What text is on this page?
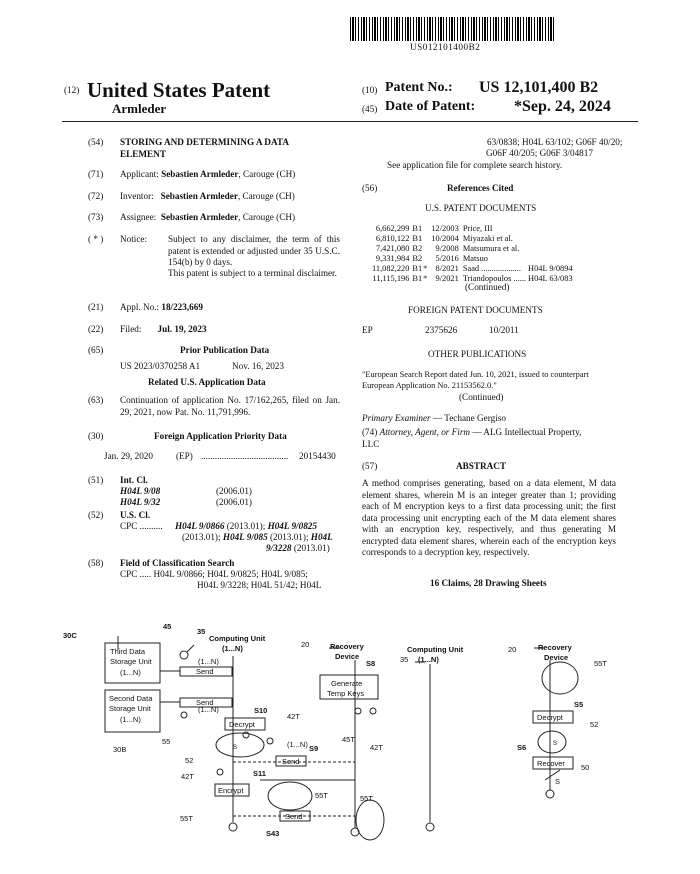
US012101400B2
(12) United States Patent
Armleder
(10) Patent No.: US 12,101,400 B2
(45) Date of Patent: *Sep. 24, 2024
(54) STORING AND DETERMINING A DATA ELEMENT
(71) Applicant: Sebastien Armleder, Carouge (CH)
(72) Inventor: Sebastien Armleder, Carouge (CH)
(73) Assignee: Sebastien Armleder, Carouge (CH)
( * ) Notice: Subject to any disclaimer, the term of this patent is extended or adjusted under 35 U.S.C. 154(b) by 0 days.
This patent is subject to a terminal disclaimer.
(21) Appl. No.: 18/223,669
(22) Filed: Jul. 19, 2023
(65)	Prior Publication Data
US 2023/0370258 A1	Nov. 16, 2023
Related U.S. Application Data
(63) Continuation of application No. 17/162,265, filed on Jan. 29, 2021, now Pat. No. 11,791,996.
(30)	Foreign Application Priority Data
Jan. 29, 2020	(EP) ...................................... 20154430
(51) Int. Cl.
H04L 9/08	(2006.01)
H04L 9/32	(2006.01)
(52) U.S. Cl.
CPC .......... H04L 9/0866 (2013.01); H04L 9/0825
(2013.01); H04L 9/085 (2013.01); H04L
9/3228 (2013.01)
(58) Field of Classification Search
CPC ..... H04L 9/0866; H04L 9/0825; H04L 9/085;
H04L 9/3228; H04L 51/42; H04L
63/0838; H04L 63/102; G06F 40/20;
G06F 40/205; G06F 3/04817
See application file for complete search history.
(56)	References Cited
U.S. PATENT DOCUMENTS
6,662,299	B1		12/2003	Price, III	
6,810,122	B1		10/2004	Miyazaki et al.	
7,421,080	B2		9/2008	Matsumura et al.	
9,331,984	B2		5/2016	Matsuo	
11,082,220	B1	*	8/2021	Saad ...................	H04L 9/0894
11,115,196	B1	*	9/2021	Triandopoulos ......	H04L 63/083
(Continued)
FOREIGN PATENT DOCUMENTS
EP	2375626	10/2011
OTHER PUBLICATIONS
"European Search Report dated Jun. 10, 2021, issued to counterpart European Application No. 21153562.0."
(Continued)
Primary Examiner — Techane Gergiso
(74) Attorney, Agent, or Firm — ALG Intellectual Property, LLC
(57)	ABSTRACT
A method comprises generating, based on a data element, M data element shares, wherein M is an integer greater than 1; providing each of M encryption keys to a first data processing unit; the first data processing unit encrypting each of the M data element shares with an encryption key, respectively, and thus generating M encrypted data element shares, wherein each of the encryption keys corresponds to a decryption key, respectively.
16 Claims, 28 Drawing Sheets
30C
45
35
Computing Unit
(1...N)
Third Data
Storage Unit
(1...N)
Second Data
Storage Unit
(1...N)
30B
55
(1...N)
(1...N)
Send
Send
Decrypt
S10
42T
(1...N) S9
Send
52
42T	S11
Encrypt
55T
55T	Send
S43
20	Recovery
Device
S8
Generate
Temp Keys
45T
42T
55T
Computing Unit
(1...N)
35
20	Recovery
Device
55T
S5
Decrypt
52
S6
Recover 50
S
S
S
